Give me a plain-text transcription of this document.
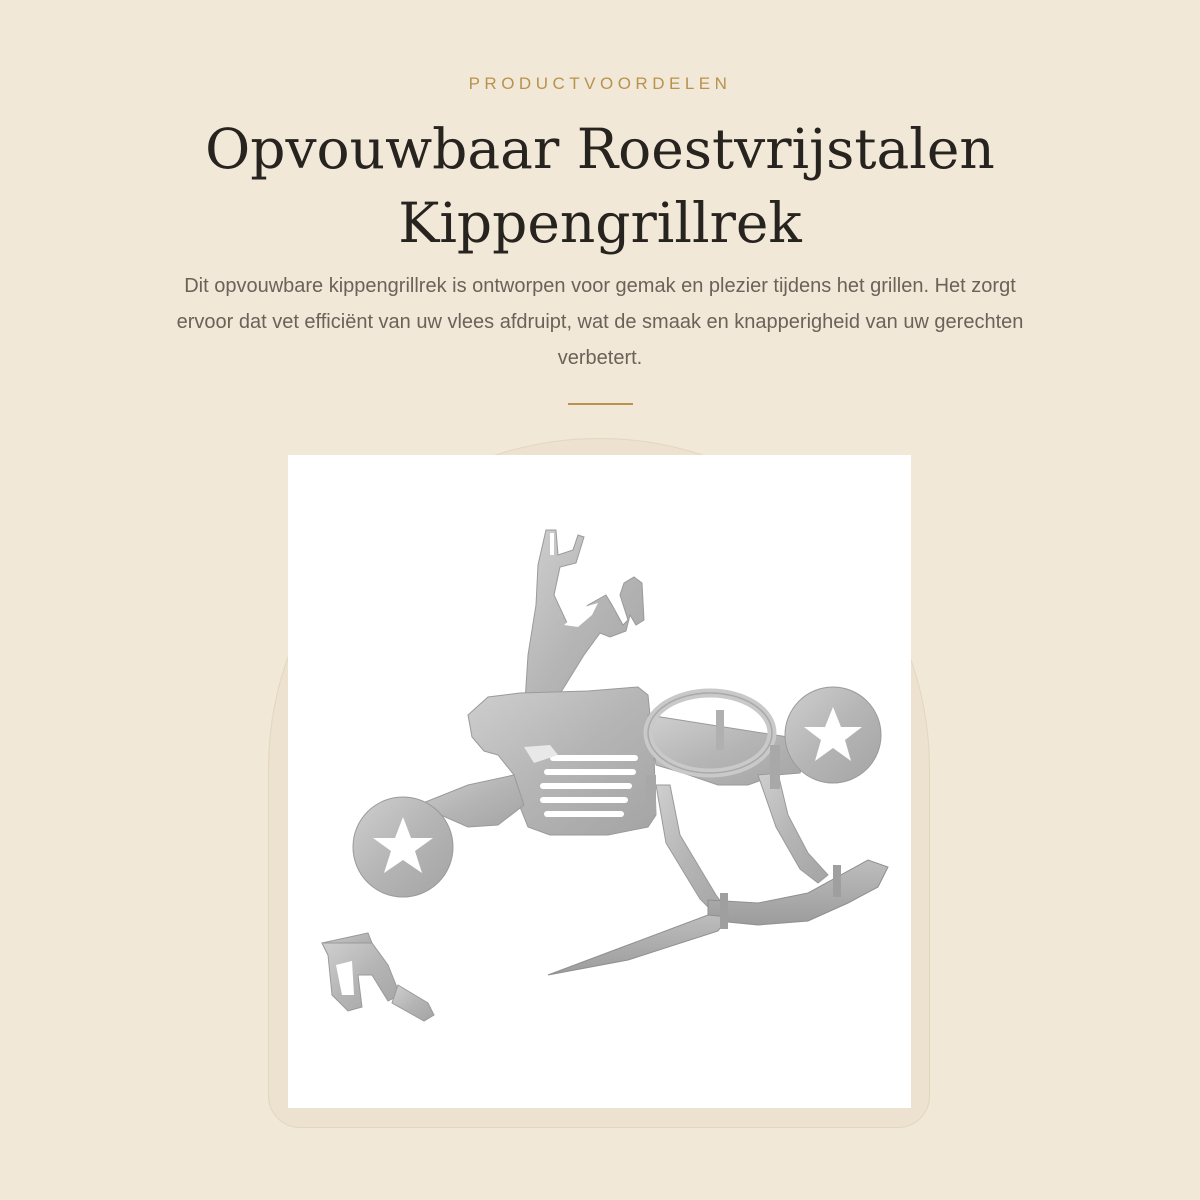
PRODUCTVOORDELEN
Opvouwbaar Roestvrijstalen
Kippengrillrek

Dit opvouwbare kippengrillrek is ontworpen voor gemak en plezier tijdens het grillen. Het zorgt ervoor dat vet efficiënt van uw vlees afdruipt, wat de smaak en knapperigheid van uw gerechten verbetert.
